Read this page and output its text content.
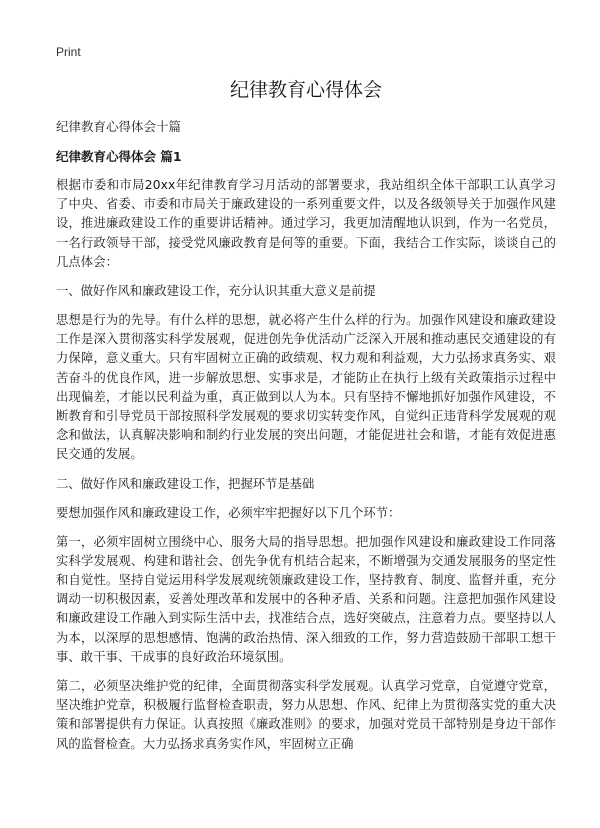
Print
纪律教育心得体会
纪律教育心得体会十篇
纪律教育心得体会 篇1

根据市委和市局20xx年纪律教育学习月活动的部署要求，我站组织全体干部职工认真学习了中央、省委、市委和市局关于廉政建设的一系列重要文件，以及各级领导关于加强作风建设，推进廉政建设工作的重要讲话精神。通过学习，我更加清醒地认识到，作为一名党员，一名行政领导干部，接受党风廉政教育是何等的重要。下面，我结合工作实际，谈谈自己的几点体会：

一、做好作风和廉政建设工作，充分认识其重大意义是前提

思想是行为的先导。有什么样的思想，就必将产生什么样的行为。加强作风建设和廉政建设工作是深入贯彻落实科学发展观，促进创先争优活动广泛深入开展和推动惠民交通建设的有力保障，意义重大。只有牢固树立正确的政绩观、权力观和利益观，大力弘扬求真务实、艰苦奋斗的优良作风，进一步解放思想、实事求是，才能防止在执行上级有关政策指示过程中出现偏差，才能以民利益为重，真正做到以人为本。只有坚持不懈地抓好加强作风建设，不断教育和引导党员干部按照科学发展观的要求切实转变作风，自觉纠正违背科学发展观的观念和做法，认真解决影响和制约行业发展的突出问题，才能促进社会和谐，才能有效促进惠民交通的发展。

二、做好作风和廉政建设工作，把握环节是基础

要想加强作风和廉政建设工作，必须牢牢把握好以下几个环节：

第一，必须牢固树立围绕中心、服务大局的指导思想。把加强作风建设和廉政建设工作同落实科学发展观、构建和谐社会、创先争优有机结合起来，不断增强为交通发展服务的坚定性和自觉性。坚持自觉运用科学发展观统领廉政建设工作，坚持教育、制度、监督并重，充分调动一切积极因素，妥善处理改革和发展中的各种矛盾、关系和问题。注意把加强作风建设和廉政建设工作融入到实际生活中去，找准结合点，选好突破点，注意着力点。要坚持以人为本，以深厚的思想感情、饱满的政治热情、深入细致的工作，努力营造鼓励干部职工想干事、敢干事、干成事的良好政治环境氛围。

第二，必须坚决维护党的纪律，全面贯彻落实科学发展观。认真学习党章，自觉遵守党章，坚决维护党章，积极履行监督检查职责，努力从思想、作风、纪律上为贯彻落实党的重大决策和部署提供有力保证。认真按照《廉政准则》的要求，加强对党员干部特别是身边干部作风的监督检查。大力弘扬求真务实作风，牢固树立正确
